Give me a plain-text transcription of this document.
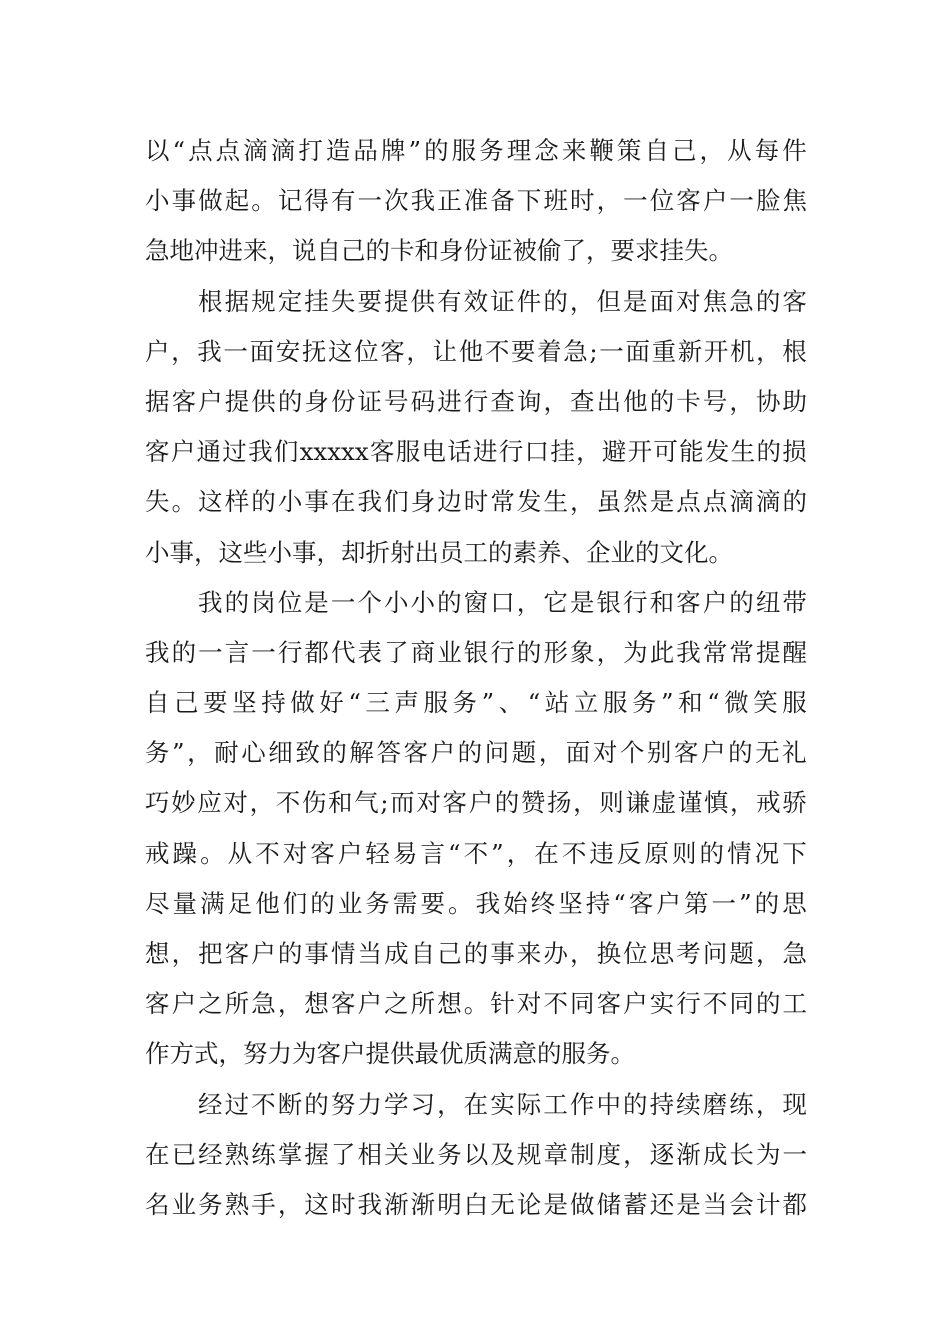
以 “ 点 点 滴 滴 打 造 品 牌 ” 的 服 务 理 念 来 鞭 策 自 己 ， 从 每 件
小 事 做 起 。 记 得 有 一 次 我 正 准 备 下 班 时 ， 一 位 客 户 一 脸 焦
急地冲进来，说自己的卡和身份证被偷了，要求挂失。
根 据 规 定 挂 失 要 提 供 有 效 证 件 的 ， 但 是 面 对 焦 急 的 客
户 ， 我 一 面 安 抚 这 位 客 ， 让 他 不 要 着 急 ; 一 面 重 新 开 机 ， 根
据 客 户 提 供 的 身 份 证 号 码 进 行 查 询 ， 查 出 他 的 卡 号 ， 协 助
客 户 通 过 我 们 xxxxx 客 服 电 话 进 行 口 挂 ， 避 开 可 能 发 生 的 损
失 。 这 样 的 小 事 在 我 们 身 边 时 常 发 生 ， 虽 然 是 点 点 滴 滴 的
小事，这些小事，却折射出员工的素养、企业的文化。
我 的 岗 位 是 一 个 小 小 的 窗 口 ， 它 是 银 行 和 客 户 的 纽 带
我 的 一 言 一 行 都 代 表 了 商 业 银 行 的 形 象 ， 为 此 我 常 常 提 醒
自 己 要 坚 持 做 好 “ 三 声 服 务 ” 、 “ 站 立 服 务 ” 和 “ 微 笑 服
务 ” ， 耐 心 细 致 的 解 答 客 户 的 问 题 ， 面 对 个 别 客 户 的 无 礼
巧 妙 应 对 ， 不 伤 和 气 ; 而 对 客 户 的 赞 扬 ， 则 谦 虚 谨 慎 ， 戒 骄
戒 躁 。 从 不 对 客 户 轻 易 言 “ 不 ” ， 在 不 违 反 原 则 的 情 况 下
尽 量 满 足 他 们 的 业 务 需 要 。 我 始 终 坚 持 “ 客 户 第 一 ” 的 思
想 ， 把 客 户 的 事 情 当 成 自 己 的 事 来 办 ， 换 位 思 考 问 题 ， 急
客 户 之 所 急 ， 想 客 户 之 所 想 。 针 对 不 同 客 户 实 行 不 同 的 工
作方式，努力为客户提供最优质满意的服务。
经 过 不 断 的 努 力 学 习 ， 在 实 际 工 作 中 的 持 续 磨 练 ， 现
在 已 经 熟 练 掌 握 了 相 关 业 务 以 及 规 章 制 度 ， 逐 渐 成 长 为 一
名 业 务 熟 手 ， 这 时 我 渐 渐 明 白 无 论 是 做 储 蓄 还 是 当 会 计 都
